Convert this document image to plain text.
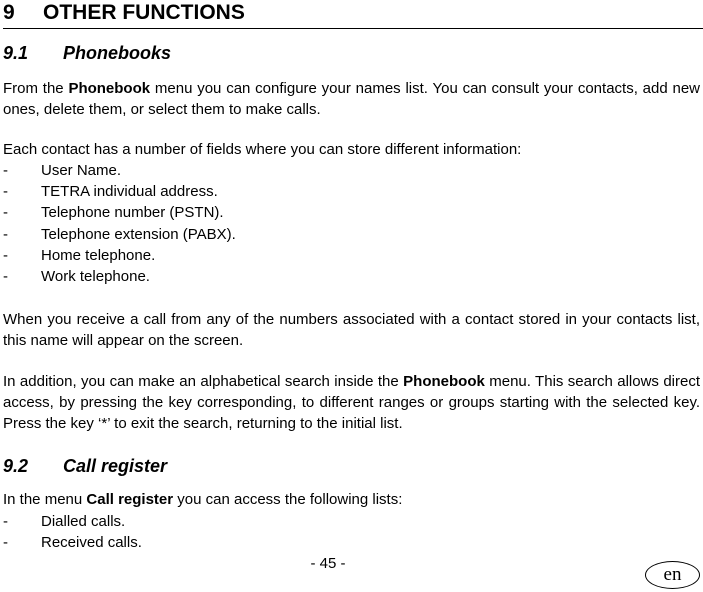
9 OTHER FUNCTIONS
9.1 Phonebooks
From the Phonebook menu you can configure your names list. You can consult your contacts, add new ones, delete them, or select them to make calls.
Each contact has a number of fields where you can store different information:
- User Name.
- TETRA individual address.
- Telephone number (PSTN).
- Telephone extension (PABX).
- Home telephone.
- Work telephone.
When you receive a call from any of the numbers associated with a contact stored in your contacts list, this name will appear on the screen.
In addition, you can make an alphabetical search inside the Phonebook menu. This search allows direct access, by pressing the key corresponding, to different ranges or groups starting with the selected key. Press the key ‘*’ to exit the search, returning to the initial list.
9.2 Call register
In the menu Call register you can access the following lists:
- Dialled calls.
- Received calls.
- 45 -
en
